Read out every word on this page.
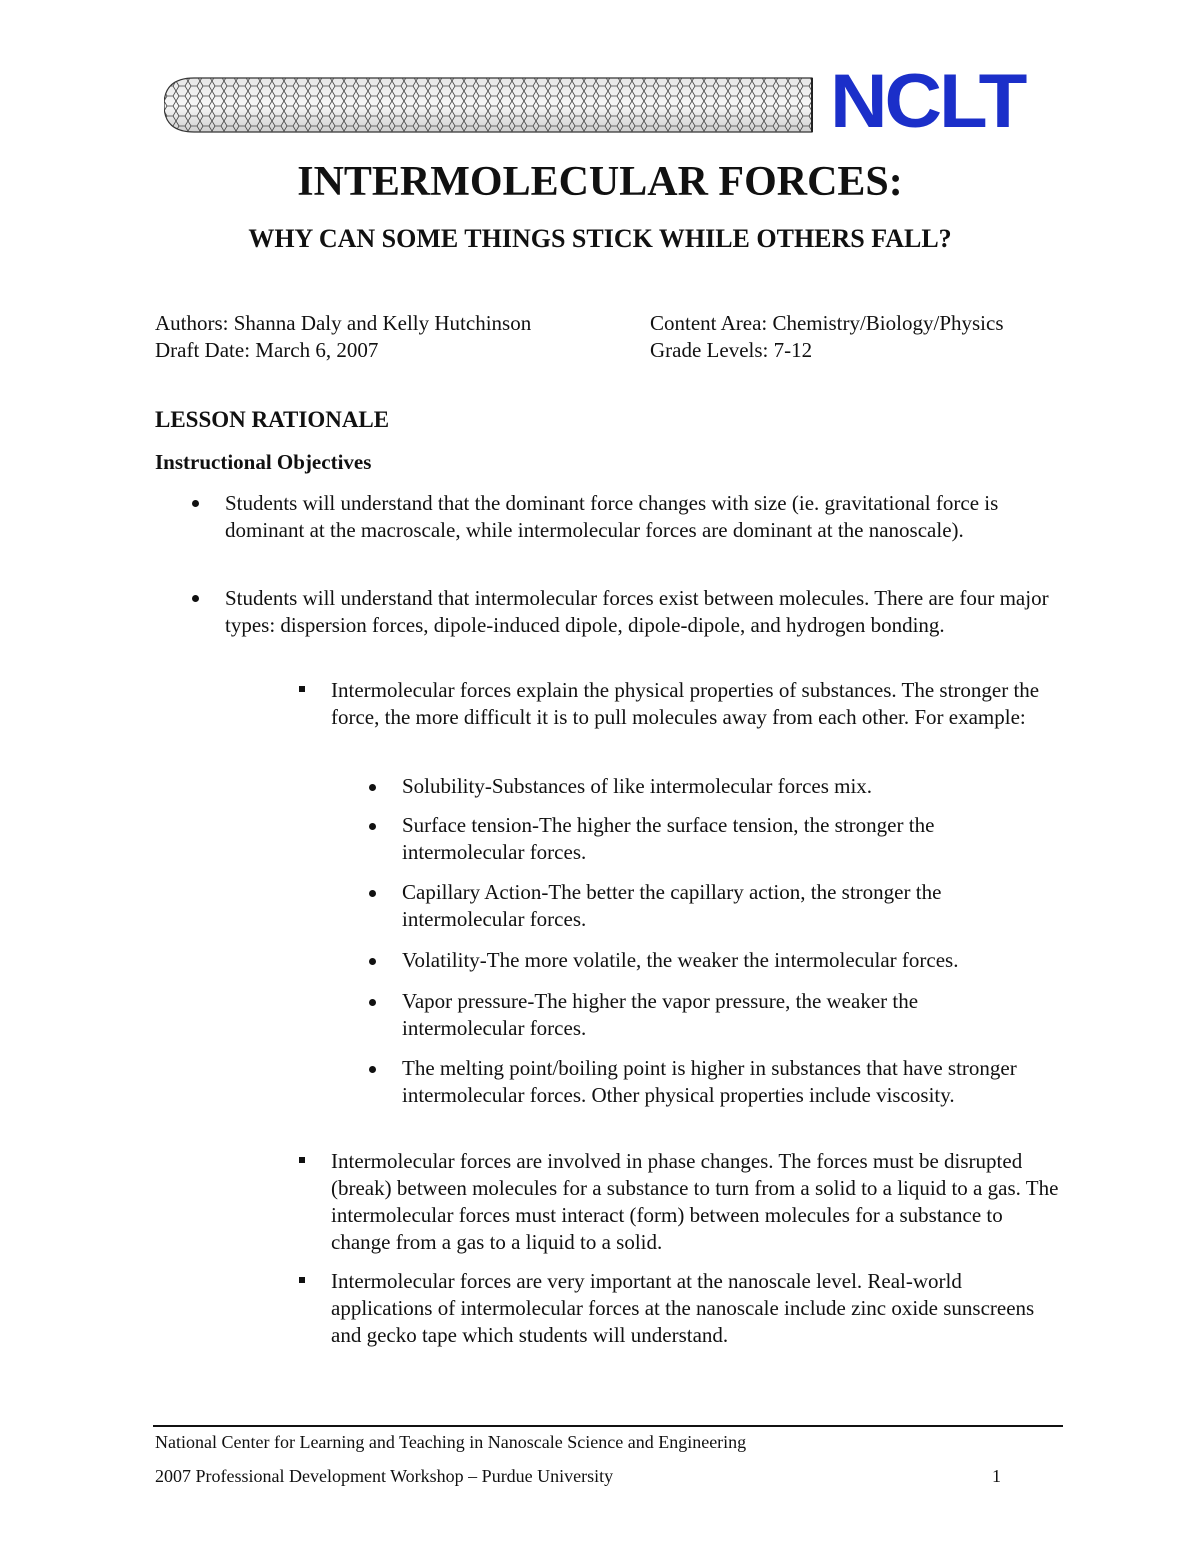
NCLT
INTERMOLECULAR FORCES:
WHY CAN SOME THINGS STICK WHILE OTHERS FALL?
Authors: Shanna Daly and Kelly Hutchinson
Draft Date: March 6, 2007
Content Area: Chemistry/Biology/Physics
Grade Levels: 7-12
LESSON RATIONALE
Instructional Objectives
Students will understand that the dominant force changes with size (ie. gravitational force is dominant at the macroscale, while intermolecular forces are dominant at the nanoscale).
Students will understand that intermolecular forces exist between molecules. There are four major types: dispersion forces, dipole-induced dipole, dipole-dipole, and hydrogen bonding.
Intermolecular forces explain the physical properties of substances. The stronger the force, the more difficult it is to pull molecules away from each other. For example:
Solubility-Substances of like intermolecular forces mix.
Surface tension-The higher the surface tension, the stronger the intermolecular forces.
Capillary Action-The better the capillary action, the stronger the intermolecular forces.
Volatility-The more volatile, the weaker the intermolecular forces.
Vapor pressure-The higher the vapor pressure, the weaker the intermolecular forces.
The melting point/boiling point is higher in substances that have stronger intermolecular forces. Other physical properties include viscosity.
Intermolecular forces are involved in phase changes. The forces must be disrupted (break) between molecules for a substance to turn from a solid to a liquid to a gas. The intermolecular forces must interact (form) between molecules for a substance to change from a gas to a liquid to a solid.
Intermolecular forces are very important at the nanoscale level. Real-world applications of intermolecular forces at the nanoscale include zinc oxide sunscreens and gecko tape which students will understand.
National Center for Learning and Teaching in Nanoscale Science and Engineering
2007 Professional Development Workshop – Purdue University	1
